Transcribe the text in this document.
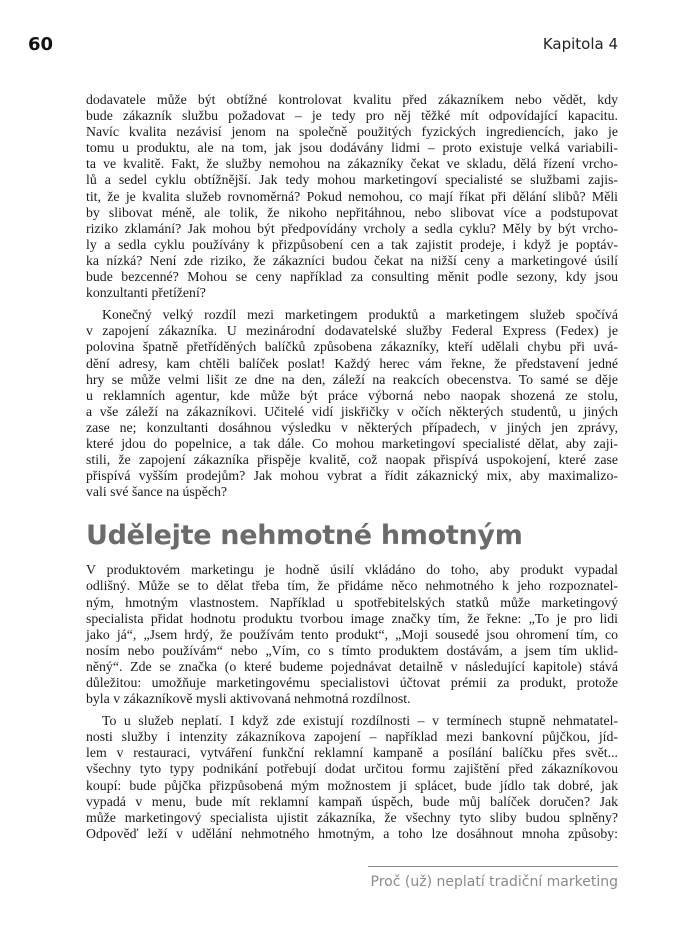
60	Kapitola 4

dodavatele může být obtížné kontrolovat kvalitu před zákazníkem nebo vědět, kdy
bude zákazník službu požadovat – je tedy pro něj těžké mít odpovídající kapacitu.
Navíc kvalita nezávisí jenom na společně použitých fyzických ingrediencích, jako je
tomu u produktu, ale na tom, jak jsou dodávány lidmi – proto existuje velká variabili-
ta ve kvalitě. Fakt, že služby nemohou na zákazníky čekat ve skladu, dělá řízení vrcho-
lů a sedel cyklu obtížnější. Jak tedy mohou marketingoví specialisté se službami zajis-
tit, že je kvalita služeb rovnoměrná? Pokud nemohou, co mají říkat při dělání slibů? Měli
by slibovat méně, ale tolik, že nikoho nepřitáhnou, nebo slibovat více a podstupovat
riziko zklamání? Jak mohou být předpovídány vrcholy a sedla cyklu? Měly by být vrcho-
ly a sedla cyklu používány k přizpůsobení cen a tak zajistit prodeje, i když je poptáv-
ka nízká? Není zde riziko, že zákazníci budou čekat na nižší ceny a marketingové úsilí
bude bezcenné? Mohou se ceny například za consulting měnit podle sezony, kdy jsou
konzultanti přetížení?

Konečný velký rozdíl mezi marketingem produktů a marketingem služeb spočívá
v zapojení zákazníka. U mezinárodní dodavatelské služby Federal Express (Fedex) je
polovina špatně přetříděných balíčků způsobena zákazníky, kteří udělali chybu při uvá-
dění adresy, kam chtěli balíček poslat! Každý herec vám řekne, že představení jedné
hry se může velmi lišit ze dne na den, záleží na reakcích obecenstva. To samé se děje
u reklamních agentur, kde může být práce výborná nebo naopak shozená ze stolu,
a vše záleží na zákazníkovi. Učitelé vidí jiskřičky v očích některých studentů, u jiných
zase ne; konzultanti dosáhnou výsledku v některých případech, v jiných jen zprávy,
které jdou do popelnice, a tak dále. Co mohou marketingoví specialisté dělat, aby zaji-
stili, že zapojení zákazníka přispěje kvalitě, což naopak přispívá uspokojení, které zase
přispívá vyšším prodejům? Jak mohou vybrat a řídit zákaznický mix, aby maximalizo-
vali své šance na úspěch?

Udělejte nehmotné hmotným

V produktovém marketingu je hodně úsilí vkládáno do toho, aby produkt vypadal
odlišný. Může se to dělat třeba tím, že přidáme něco nehmotného k jeho rozpoznatel-
ným, hmotným vlastnostem. Například u spotřebitelských statků může marketingový
specialista přidat hodnotu produktu tvorbou image značky tím, že řekne: „To je pro lidi
jako já“, „Jsem hrdý, že používám tento produkt“, „Moji sousedé jsou ohromení tím, co
nosím nebo používám“ nebo „Vím, co s tímto produktem dostávám, a jsem tím uklid-
něný“. Zde se značka (o které budeme pojednávat detailně v následující kapitole) stává
důležitou: umožňuje marketingovému specialistovi účtovat prémii za produkt, protože
byla v zákazníkově mysli aktivovaná nehmotná rozdílnost.

To u služeb neplatí. I když zde existují rozdílnosti – v termínech stupně nehmatatel-
nosti služby i intenzity zákazníkova zapojení – například mezi bankovní půjčkou, jíd-
lem v restauraci, vytváření funkční reklamní kampaně a posílání balíčku přes svět...
všechny tyto typy podnikání potřebují dodat určitou formu zajištění před zákazníkovou
koupí: bude půjčka přizpůsobená mým možnostem ji splácet, bude jídlo tak dobré, jak
vypadá v menu, bude mít reklamní kampaň úspěch, bude můj balíček doručen? Jak
může marketingový specialista ujistit zákazníka, že všechny tyto sliby budou splněny?
Odpověď leží v udělání nehmotného hmotným, a toho lze dosáhnout mnoha způsoby:

Proč (už) neplatí tradiční marketing
